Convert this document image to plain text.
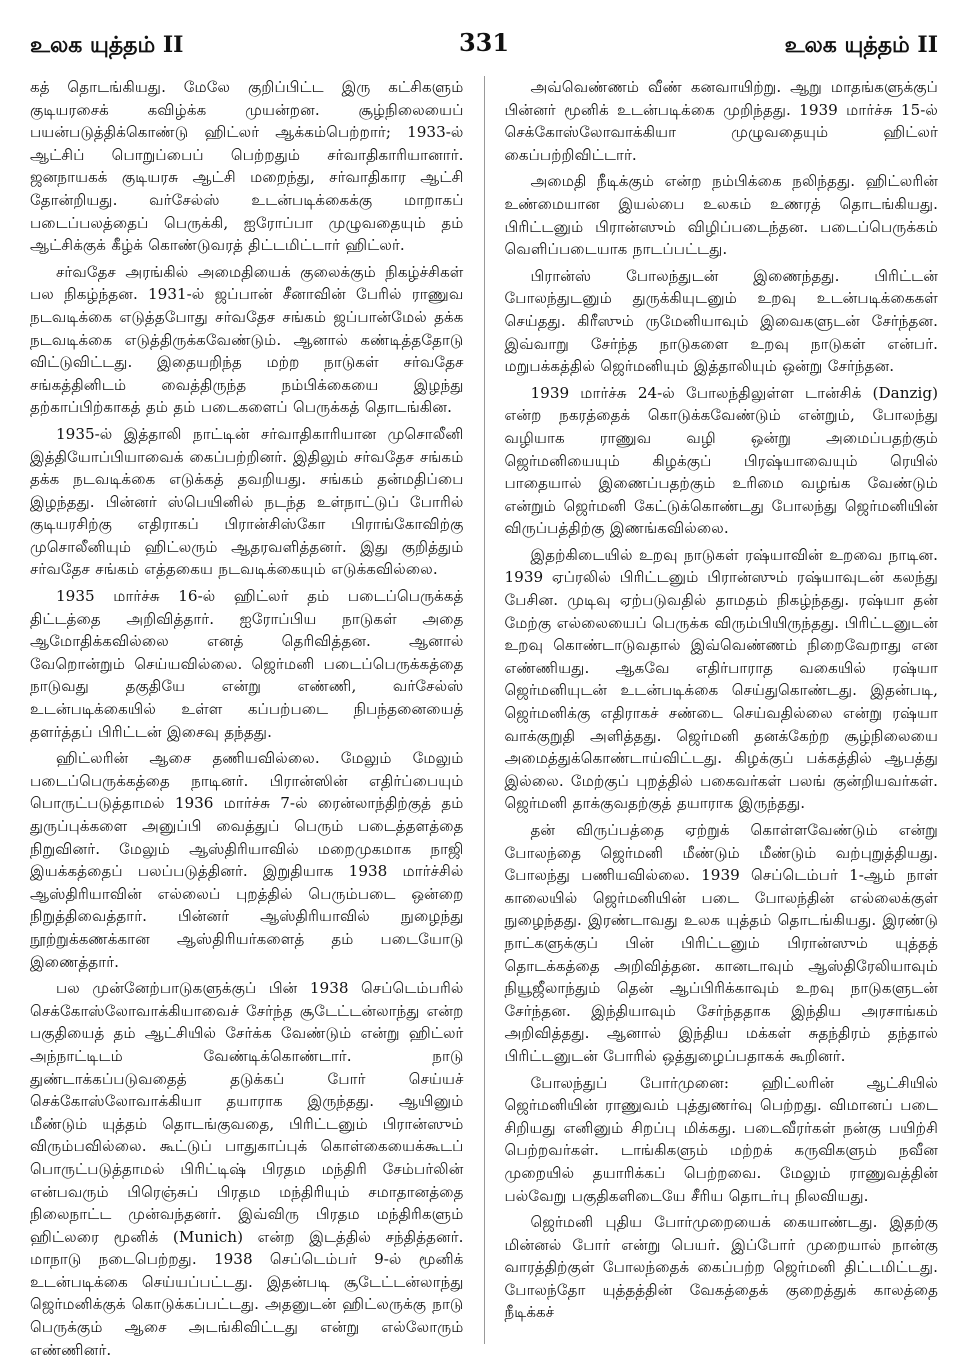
உலக யுத்தம் II	331	உலக யுத்தம் II

கத் தொடங்கியது. மேலே குறிப்பிட்ட இரு கட்சிகளும் குடியரசைக் கவிழ்க்க முயன்றன. சூழ்நிலையைப் பயன்படுத்திக்கொண்டு ஹிட்லர் ஆக்கம்பெற்றார்; 1933-ல் ஆட்சிப் பொறுப்பைப் பெற்றதும் சர்வாதிகாரியானார். ஜனநாயகக் குடியரசு ஆட்சி மறைந்து, சர்வாதிகார ஆட்சி தோன்றியது. வர்சேல்ஸ் உடன்படிக்கைக்கு மாறாகப் படைப்பலத்தைப் பெருக்கி, ஐரோப்பா முழுவதையும் தம் ஆட்சிக்குக் கீழ்க் கொண்டுவரத் திட்டமிட்டார் ஹிட்லர்.

சர்வதேச அரங்கில் அமைதியைக் குலைக்கும் நிகழ்ச்சிகள் பல நிகழ்ந்தன. 1931-ல் ஜப்பான் சீனாவின் பேரில் ராணுவ நடவடிக்கை எடுத்தபோது சர்வதேச சங்கம் ஜப்பான்மேல் தக்க நடவடிக்கை எடுத்திருக்கவேண்டும். ஆனால் கண்டித்ததோடு விட்டுவிட்டது. இதையறிந்த மற்ற நாடுகள் சர்வதேச சங்கத்தினிடம் வைத்திருந்த நம்பிக்கையை இழந்து தற்காப்பிற்காகத் தம் தம் படைகளைப் பெருக்கத் தொடங்கின.

1935-ல் இத்தாலி நாட்டின் சர்வாதிகாரியான முசொலீனி இத்தியோப்பியாவைக் கைப்பற்றினர். இதிலும் சர்வதேச சங்கம் தக்க நடவடிக்கை எடுக்கத் தவறியது. சங்கம் தன்மதிப்பை இழந்தது. பின்னர் ஸ்பெயினில் நடந்த உள்நாட்டுப் போரில் குடியரசிற்கு எதிராகப் பிரான்சிஸ்கோ பிராங்கோவிற்கு முசொலீனியும் ஹிட்லரும் ஆதரவளித்தனர். இது குறித்தும் சர்வதேச சங்கம் எத்தகைய நடவடிக்கையும் எடுக்கவில்லை.

1935 மார்ச்சு 16-ல் ஹிட்லர் தம் படைப்பெருக்கத் திட்டத்தை அறிவித்தார். ஐரோப்பிய நாடுகள் அதை ஆமோதிக்கவில்லை எனத் தெரிவித்தன. ஆனால் வேறொன்றும் செய்யவில்லை. ஜெர்மனி படைப்பெருக்கத்தை நாடுவது தகுதியே என்று எண்ணி, வர்சேல்ஸ் உடன்படிக்கையில் உள்ள கப்பற்படை நிபந்தனையைத் தளர்த்தப் பிரிட்டன் இசைவு தந்தது.

ஹிட்லரின் ஆசை தணியவில்லை. மேலும் மேலும் படைப்பெருக்கத்தை நாடினர். பிரான்ஸின் எதிர்ப்பையும் பொருட்படுத்தாமல் 1936 மார்ச்சு 7-ல் ரைன்லாந்திற்குத் தம் துருப்புக்களை அனுப்பி வைத்துப் பெரும் படைத்தளத்தை நிறுவினர். மேலும் ஆஸ்திரியாவில் மறைமுகமாக நாஜி இயக்கத்தைப் பலப்படுத்தினர். இறுதியாக 1938 மார்ச்சில் ஆஸ்திரியாவின் எல்லைப் புறத்தில் பெரும்படை ஒன்றை நிறுத்திவைத்தார். பின்னர் ஆஸ்திரியாவில் நுழைந்து நூற்றுக்கணக்கான ஆஸ்திரியர்களைத் தம் படையோடு இணைத்தார்.

பல முன்னேற்பாடுகளுக்குப் பின் 1938 செப்டெம்பரில் செக்கோஸ்லோவாக்கியாவைச் சேர்ந்த சூடேட்டன்லாந்து என்ற பகுதியைத் தம் ஆட்சியில் சேர்க்க வேண்டும் என்று ஹிட்லர் அந்நாட்டிடம் வேண்டிக்கொண்டார். நாடு துண்டாக்கப்படுவதைத் தடுக்கப் போர் செய்யச் செக்கோஸ்லோவாக்கியா தயாராக இருந்தது. ஆயினும் மீண்டும் யுத்தம் தொடங்குவதை, பிரிட்டனும் பிரான்ஸும் விரும்பவில்லை. கூட்டுப் பாதுகாப்புக் கொள்கையைக்கூடப் பொருட்படுத்தாமல் பிரிட்டிஷ் பிரதம மந்திரி சேம்பர்லின் என்பவரும் பிரெஞ்சுப் பிரதம மந்திரியும் சமாதானத்தை நிலைநாட்ட முன்வந்தனர். இவ்விரு பிரதம மந்திரிகளும் ஹிட்லரை மூனிக் (Munich) என்ற இடத்தில் சந்தித்தனர். மாநாடு நடைபெற்றது. 1938 செப்டெம்பர் 9-ல் மூனிக் உடன்படிக்கை செய்யப்பட்டது. இதன்படி சூடேட்டன்லாந்து ஜெர்மனிக்குக் கொடுக்கப்பட்டது. அதனுடன் ஹிட்லருக்கு நாடு பெருக்கும் ஆசை அடங்கிவிட்டது என்று எல்லோரும் எண்ணினர்.

அவ்வெண்ணம் வீண் கனவாயிற்று. ஆறு மாதங்களுக்குப் பின்னர் மூனிக் உடன்படிக்கை முறிந்தது. 1939 மார்ச்சு 15-ல் செக்கோஸ்லோவாக்கியா முழுவதையும் ஹிட்லர் கைப்பற்றிவிட்டார்.

அமைதி நீடிக்கும் என்ற நம்பிக்கை நலிந்தது. ஹிட்லரின் உண்மையான இயல்பை உலகம் உணரத் தொடங்கியது. பிரிட்டனும் பிரான்ஸும் விழிப்படைந்தன. படைப்பெருக்கம் வெளிப்படையாக நாடப்பட்டது.

பிரான்ஸ் போலந்துடன் இணைந்தது. பிரிட்டன் போலந்துடனும் துருக்கியுடனும் உறவு உடன்படிக்கைகள் செய்தது. கிரீஸும் ருமேனியாவும் இவைகளுடன் சேர்ந்தன. இவ்வாறு சேர்ந்த நாடுகளை உறவு நாடுகள் என்பர். மறுபக்கத்தில் ஜெர்மனியும் இத்தாலியும் ஒன்று சேர்ந்தன.

1939 மார்ச்சு 24-ல் போலந்திலுள்ள டான்சிக் (Danzig) என்ற நகரத்தைக் கொடுக்கவேண்டும் என்றும், போலந்து வழியாக ராணுவ வழி ஒன்று அமைப்பதற்கும் ஜெர்மனியையும் கிழக்குப் பிரஷ்யாவையும் ரெயில் பாதையால் இணைப்பதற்கும் உரிமை வழங்க வேண்டும் என்றும் ஜெர்மனி கேட்டுக்கொண்டது போலந்து ஜெர்மனியின் விருப்பத்திற்கு இணங்கவில்லை.

இதற்கிடையில் உறவு நாடுகள் ரஷ்யாவின் உறவை நாடின. 1939 ஏப்ரலில் பிரிட்டனும் பிரான்ஸும் ரஷ்யாவுடன் கலந்து பேசின. முடிவு ஏற்படுவதில் தாமதம் நிகழ்ந்தது. ரஷ்யா தன் மேற்கு எல்லையைப் பெருக்க விரும்பியிருந்தது. பிரிட்டனுடன் உறவு கொண்டாடுவதால் இவ்வெண்ணம் நிறைவேறாது என எண்ணியது. ஆகவே எதிர்பாராத வகையில் ரஷ்யா ஜெர்மனியுடன் உடன்படிக்கை செய்துகொண்டது. இதன்படி, ஜெர்மனிக்கு எதிராகச் சண்டை செய்வதில்லை என்று ரஷ்யா வாக்குறுதி அளித்தது. ஜெர்மனி தனக்கேற்ற சூழ்நிலையை அமைத்துக்கொண்டாய்விட்டது. கிழக்குப் பக்கத்தில் ஆபத்து இல்லை. மேற்குப் புறத்தில் பகைவர்கள் பலங் குன்றியவர்கள். ஜெர்மனி தாக்குவதற்குத் தயாராக இருந்தது.

தன் விருப்பத்தை ஏற்றுக் கொள்ளவேண்டும் என்று போலந்தை ஜெர்மனி மீண்டும் மீண்டும் வற்புறுத்தியது. போலந்து பணியவில்லை. 1939 செப்டெம்பர் 1-ஆம் நாள் காலையில் ஜெர்மனியின் படை போலந்தின் எல்லைக்குள் நுழைந்தது. இரண்டாவது உலக யுத்தம் தொடங்கியது. இரண்டு நாட்களுக்குப் பின் பிரிட்டனும் பிரான்ஸும் யுத்தத் தொடக்கத்தை அறிவித்தன. கானடாவும் ஆஸ்திரேலியாவும் நியூஜீலாந்தும் தென் ஆப்பிரிக்காவும் உறவு நாடுகளுடன் சேர்ந்தன. இந்தியாவும் சேர்ந்ததாக இந்திய அரசாங்கம் அறிவித்தது. ஆனால் இந்திய மக்கள் சுதந்திரம் தந்தால் பிரிட்டனுடன் போரில் ஒத்துழைப்பதாகக் கூறினர்.

போலந்துப் போர்முனை: ஹிட்லரின் ஆட்சியில் ஜெர்மனியின் ராணுவம் புத்துணர்வு பெற்றது. விமானப் படை சிறியது எனினும் சிறப்பு மிக்கது. படைவீரர்கள் நன்கு பயிற்சி பெற்றவர்கள். டாங்கிகளும் மற்றக் கருவிகளும் நவீன முறையில் தயாரிக்கப் பெற்றவை. மேலும் ராணுவத்தின் பல்வேறு பகுதிகளிடையே சீரிய தொடர்பு நிலவியது.

ஜெர்மனி புதிய போர்முறையைக் கையாண்டது. இதற்கு மின்னல் போர் என்று பெயர். இப்போர் முறையால் நான்கு வாரத்திற்குள் போலந்தைக் கைப்பற்ற ஜெர்மனி திட்டமிட்டது. போலந்தோ யுத்தத்தின் வேகத்தைக் குறைத்துக் காலத்தை நீடிக்கச்
